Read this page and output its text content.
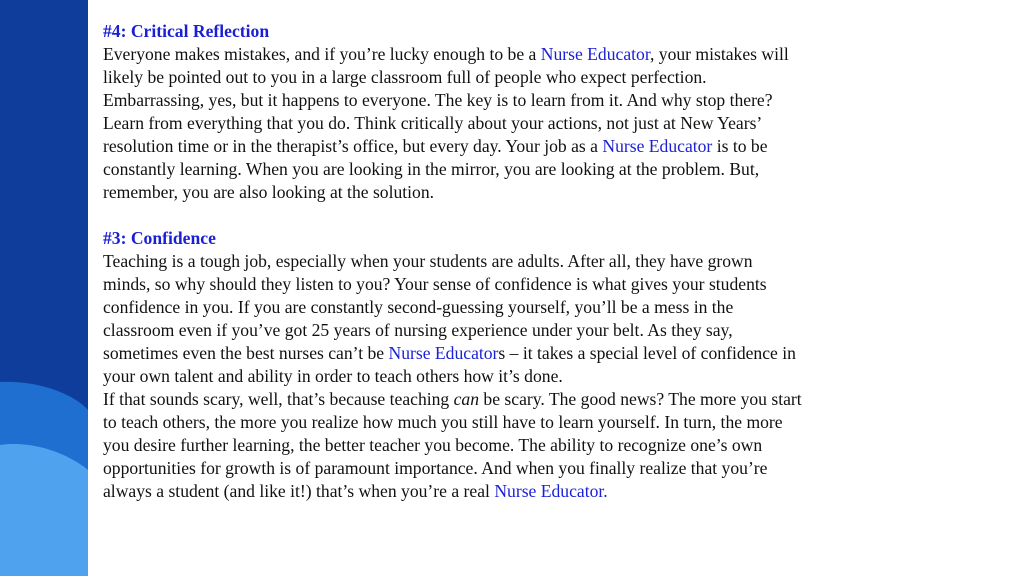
#4: Critical Reflection

Everyone makes mistakes, and if you’re lucky enough to be a Nurse Educator, your mistakes will likely be pointed out to you in a large classroom full of people who expect perfection. Embarrassing, yes, but it happens to everyone. The key is to learn from it. And why stop there? Learn from everything that you do. Think critically about your actions, not just at New Years’ resolution time or in the therapist’s office, but every day. Your job as a Nurse Educator is to be constantly learning. When you are looking in the mirror, you are looking at the problem. But, remember, you are also looking at the solution.

#3: Confidence

Teaching is a tough job, especially when your students are adults. After all, they have grown minds, so why should they listen to you? Your sense of confidence is what gives your students confidence in you. If you are constantly second-guessing yourself, you’ll be a mess in the classroom even if you’ve got 25 years of nursing experience under your belt. As they say, sometimes even the best nurses can’t be Nurse Educators – it takes a special level of confidence in your own talent and ability in order to teach others how it’s done.

If that sounds scary, well, that’s because teaching can be scary. The good news? The more you start to teach others, the more you realize how much you still have to learn yourself. In turn, the more you desire further learning, the better teacher you become. The ability to recognize one’s own opportunities for growth is of paramount importance. And when you finally realize that you’re always a student (and like it!) that’s when you’re a real Nurse Educator.
